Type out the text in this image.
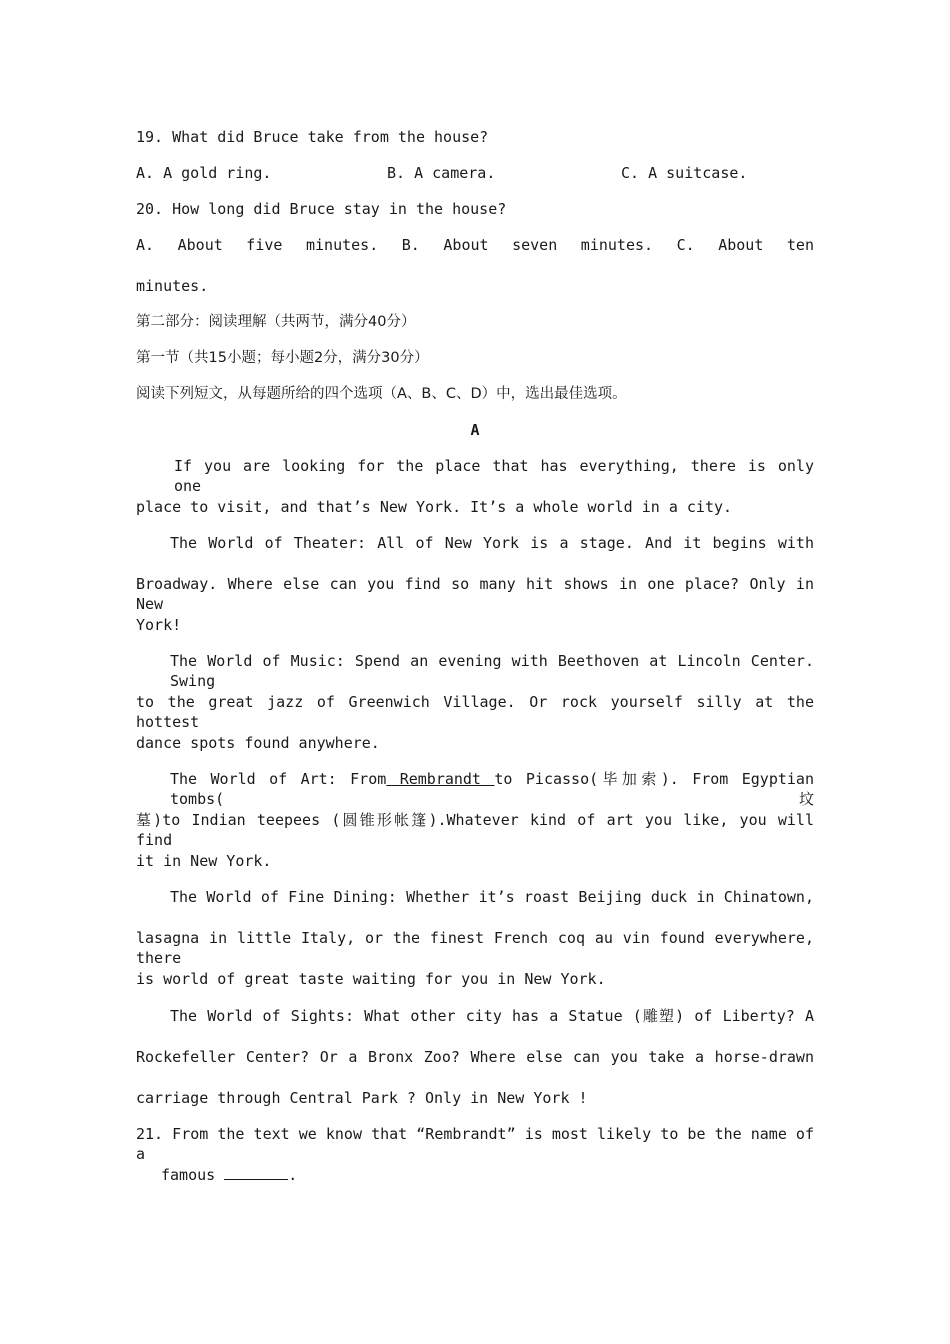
19. What did Bruce take from the house?
A. A gold ring.	B. A camera.	C. A suitcase.
20. How long did Bruce stay in the house?
A. About five minutes. B. About seven minutes. C. About ten
minutes.
第二部分：阅读理解（共两节，满分40分）
第一节（共15小题；每小题2分，满分30分）
阅读下列短文，从每题所给的四个选项（A、B、C、D）中，选出最佳选项。
A
If you are looking for the place that has everything, there is only one
place to visit, and that’s New York. It’s a whole world in a city.
The World of Theater: All of New York is a stage. And it begins with
Broadway. Where else can you find so many hit shows in one place? Only in New
York!
The World of Music: Spend an evening with Beethoven at Lincoln Center. Swing
to the great jazz of Greenwich Village. Or rock yourself silly at the hottest
dance spots found anywhere.
The World of Art: From Rembrandt to Picasso(毕加索). From Egyptian tombs(坟
墓)to Indian teepees (圆锥形帐篷).Whatever kind of art you like, you will find
it in New York.
The World of Fine Dining: Whether it’s roast Beijing duck in Chinatown,
lasagna in little Italy, or the finest French coq au vin found everywhere, there
is world of great taste waiting for you in New York.
The World of Sights: What other city has a Statue (雕塑) of Liberty? A
Rockefeller Center? Or a Bronx Zoo? Where else can you take a horse-drawn
carriage through Central Park ? Only in New York !
21. From the text we know that “Rembrandt” is most likely to be the name of a
famous	.
